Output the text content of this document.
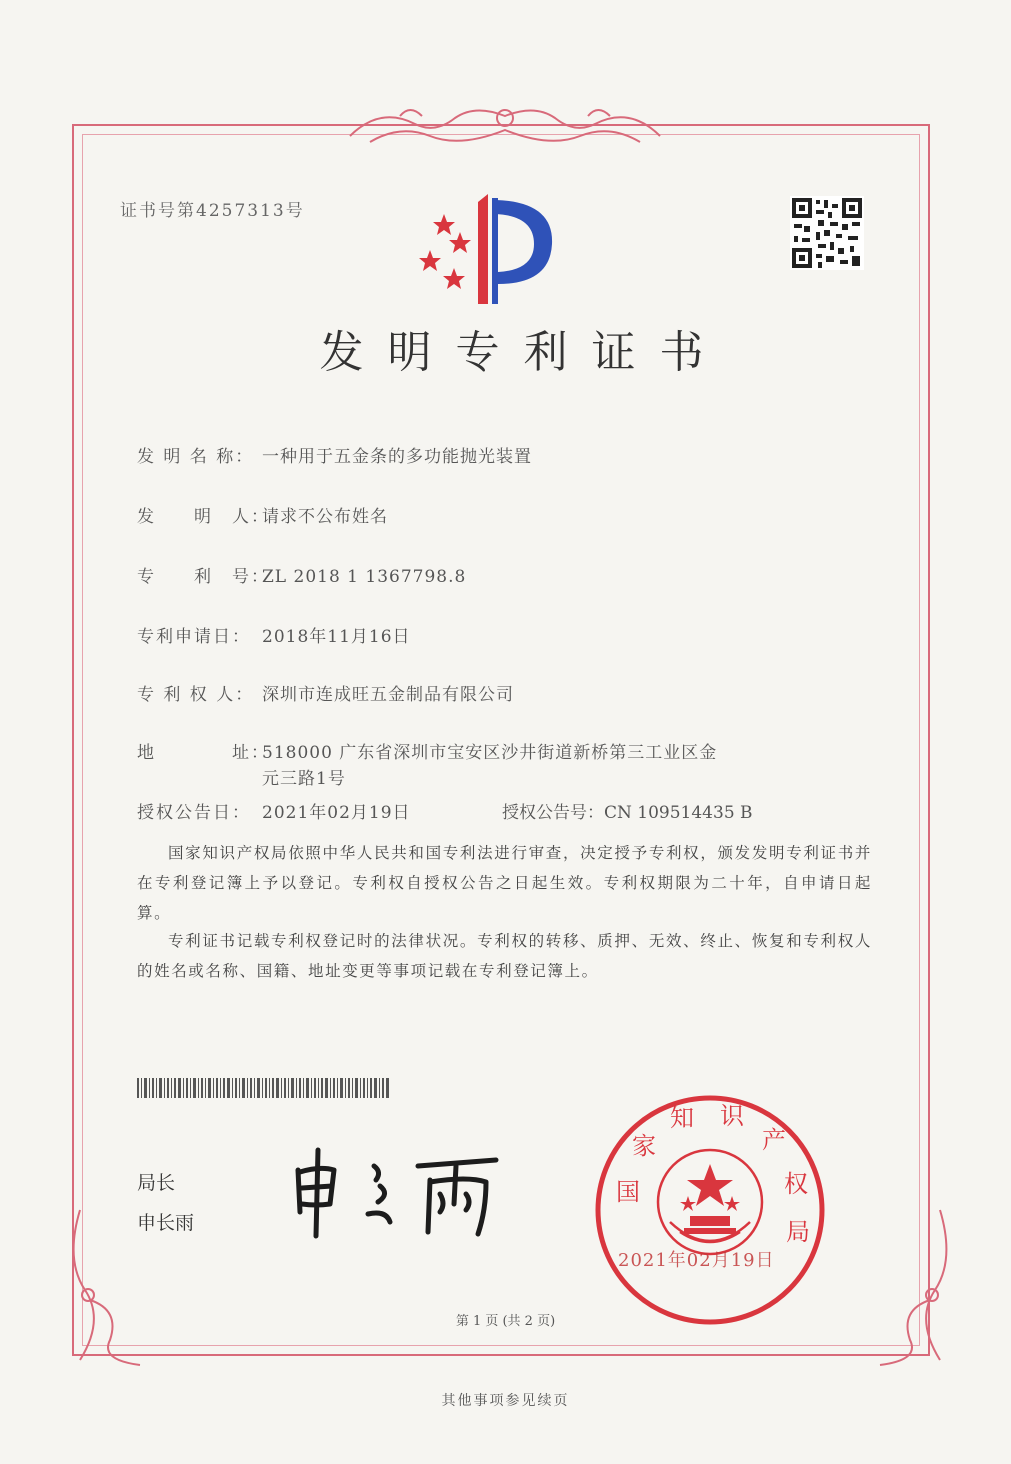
证书号第4257313号
发明专利证书
发 明 名 称： 一种用于五金条的多功能抛光装置
发　　明　人：请求不公布姓名
专　　利　号：ZL 2018 1 1367798.8
专利申请日： 2018年11月16日
专 利 权 人： 深圳市连成旺五金制品有限公司
地　　　　址：518000 广东省深圳市宝安区沙井街道新桥第三工业区金
元三路1号
授权公告日： 2021年02月19日	授权公告号：CN 109514435 B
国家知识产权局依照中华人民共和国专利法进行审查，决定授予专利权，颁发发明专利证书并在专利登记簿上予以登记。专利权自授权公告之日起生效。专利权期限为二十年，自申请日起算。
专利证书记载专利权登记时的法律状况。专利权的转移、质押、无效、终止、恢复和专利权人的姓名或名称、国籍、地址变更等事项记载在专利登记簿上。
局长
申长雨
国
家
知 识
产
权
局
2021年02月19日
第 1 页 (共 2 页)
其他事项参见续页
